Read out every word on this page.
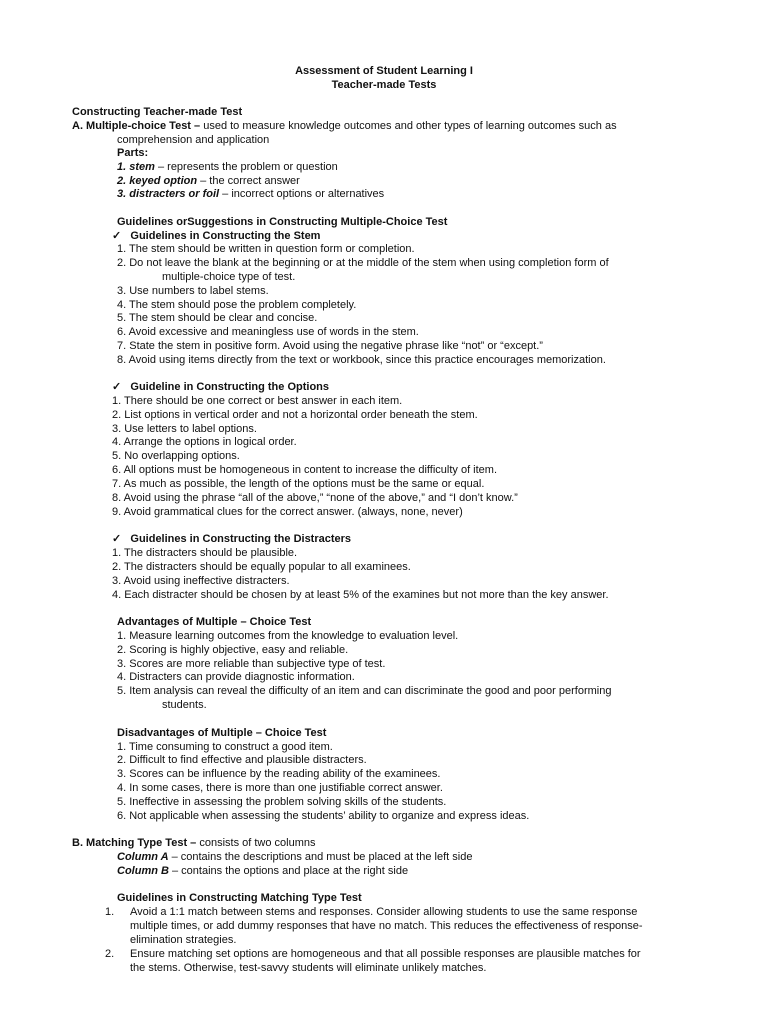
Assessment of Student Learning I
Teacher-made Tests
Constructing Teacher-made Test
A. Multiple-choice Test – used to measure knowledge outcomes and other types of learning outcomes such as
comprehension and application
Parts:
1. stem – represents the problem or question
2. keyed option – the correct answer
3. distracters or foil – incorrect options or alternatives
Guidelines orSuggestions in Constructing Multiple-Choice Test
✓ Guidelines in Constructing the Stem
1. The stem should be written in question form or completion.
2. Do not leave the blank at the beginning or at the middle of the stem when using completion form of
multiple-choice type of test.
3. Use numbers to label stems.
4. The stem should pose the problem completely.
5. The stem should be clear and concise.
6. Avoid excessive and meaningless use of words in the stem.
7. State the stem in positive form. Avoid using the negative phrase like “not” or “except.”
8. Avoid using items directly from the text or workbook, since this practice encourages memorization.
✓ Guideline in Constructing the Options
1. There should be one correct or best answer in each item.
2. List options in vertical order and not a horizontal order beneath the stem.
3. Use letters to label options.
4. Arrange the options in logical order.
5. No overlapping options.
6. All options must be homogeneous in content to increase the difficulty of item.
7. As much as possible, the length of the options must be the same or equal.
8. Avoid using the phrase “all of the above,” “none of the above,” and “I don’t know.”
9. Avoid grammatical clues for the correct answer. (always, none, never)
✓ Guidelines in Constructing the Distracters
1. The distracters should be plausible.
2. The distracters should be equally popular to all examinees.
3. Avoid using ineffective distracters.
4. Each distracter should be chosen by at least 5% of the examines but not more than the key answer.
Advantages of Multiple – Choice Test
1. Measure learning outcomes from the knowledge to evaluation level.
2. Scoring is highly objective, easy and reliable.
3. Scores are more reliable than subjective type of test.
4. Distracters can provide diagnostic information.
5. Item analysis can reveal the difficulty of an item and can discriminate the good and poor performing
students.
Disadvantages of Multiple – Choice Test
1. Time consuming to construct a good item.
2. Difficult to find effective and plausible distracters.
3. Scores can be influence by the reading ability of the examinees.
4. In some cases, there is more than one justifiable correct answer.
5. Ineffective in assessing the problem solving skills of the students.
6. Not applicable when assessing the students’ ability to organize and express ideas.
B. Matching Type Test – consists of two columns
Column A – contains the descriptions and must be placed at the left side
Column B – contains the options and place at the right side
Guidelines in Constructing Matching Type Test
1. Avoid a 1:1 match between stems and responses. Consider allowing students to use the same response
multiple times, or add dummy responses that have no match. This reduces the effectiveness of response-
elimination strategies.
2. Ensure matching set options are homogeneous and that all possible responses are plausible matches for
the stems. Otherwise, test-savvy students will eliminate unlikely matches.
